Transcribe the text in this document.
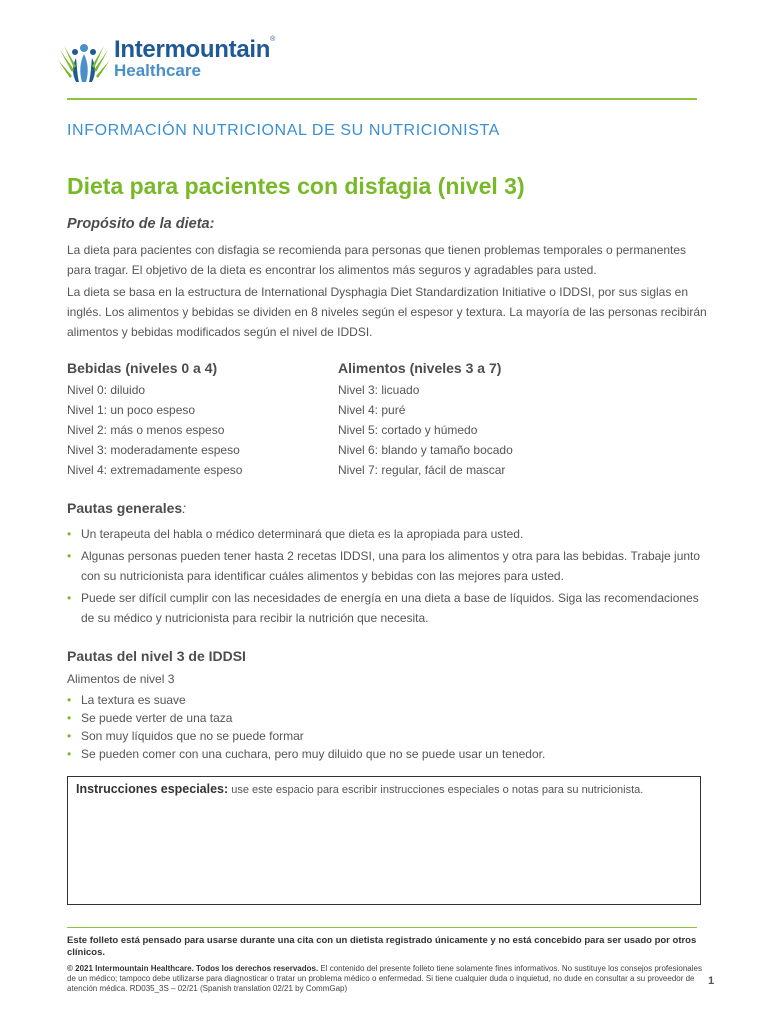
Intermountain®
Healthcare
INFORMACIÓN NUTRICIONAL DE SU NUTRICIONISTA
Dieta para pacientes con disfagia (nivel 3)
Propósito de la dieta:
La dieta para pacientes con disfagia se recomienda para personas que tienen problemas temporales o permanentes para tragar. El objetivo de la dieta es encontrar los alimentos más seguros y agradables para usted.
La dieta se basa en la estructura de International Dysphagia Diet Standardization Initiative o IDDSI, por sus siglas en inglés. Los alimentos y bebidas se dividen en 8 niveles según el espesor y textura. La mayoría de las personas recibirán alimentos y bebidas modificados según el nivel de IDDSI.
Bebidas (niveles 0 a 4)
Nivel 0: diluido
Nivel 1: un poco espeso
Nivel 2: más o menos espeso
Nivel 3: moderadamente espeso
Nivel 4: extremadamente espeso
Alimentos (niveles 3 a 7)
Nivel 3: licuado
Nivel 4: puré
Nivel 5: cortado y húmedo
Nivel 6: blando y tamaño bocado
Nivel 7: regular, fácil de mascar
Pautas generales:
• Un terapeuta del habla o médico determinará que dieta es la apropiada para usted.
• Algunas personas pueden tener hasta 2 recetas IDDSI, una para los alimentos y otra para las bebidas. Trabaje junto con su nutricionista para identificar cuáles alimentos y bebidas con las mejores para usted.
• Puede ser difícil cumplir con las necesidades de energía en una dieta a base de líquidos. Siga las recomendaciones de su médico y nutricionista para recibir la nutrición que necesita.
Pautas del nivel 3 de IDDSI
Alimentos de nivel 3
• La textura es suave
• Se puede verter de una taza
• Son muy líquidos que no se puede formar
• Se pueden comer con una cuchara, pero muy diluido que no se puede usar un tenedor.
Instrucciones especiales: use este espacio para escribir instrucciones especiales o notas para su nutricionista.
Este folleto está pensado para usarse durante una cita con un dietista registrado únicamente y no está concebido para ser usado por otros clínicos.
© 2021 Intermountain Healthcare. Todos los derechos reservados. El contenido del presente folleto tiene solamente fines informativos. No sustituye los consejos profesionales de un médico; tampoco debe utilizarse para diagnosticar o tratar un problema médico o enfermedad. Si tiene cualquier duda o inquietud, no dude en consultar a su proveedor de atención médica. RD035_3S – 02/21 (Spanish translation 02/21 by CommGap)
1
